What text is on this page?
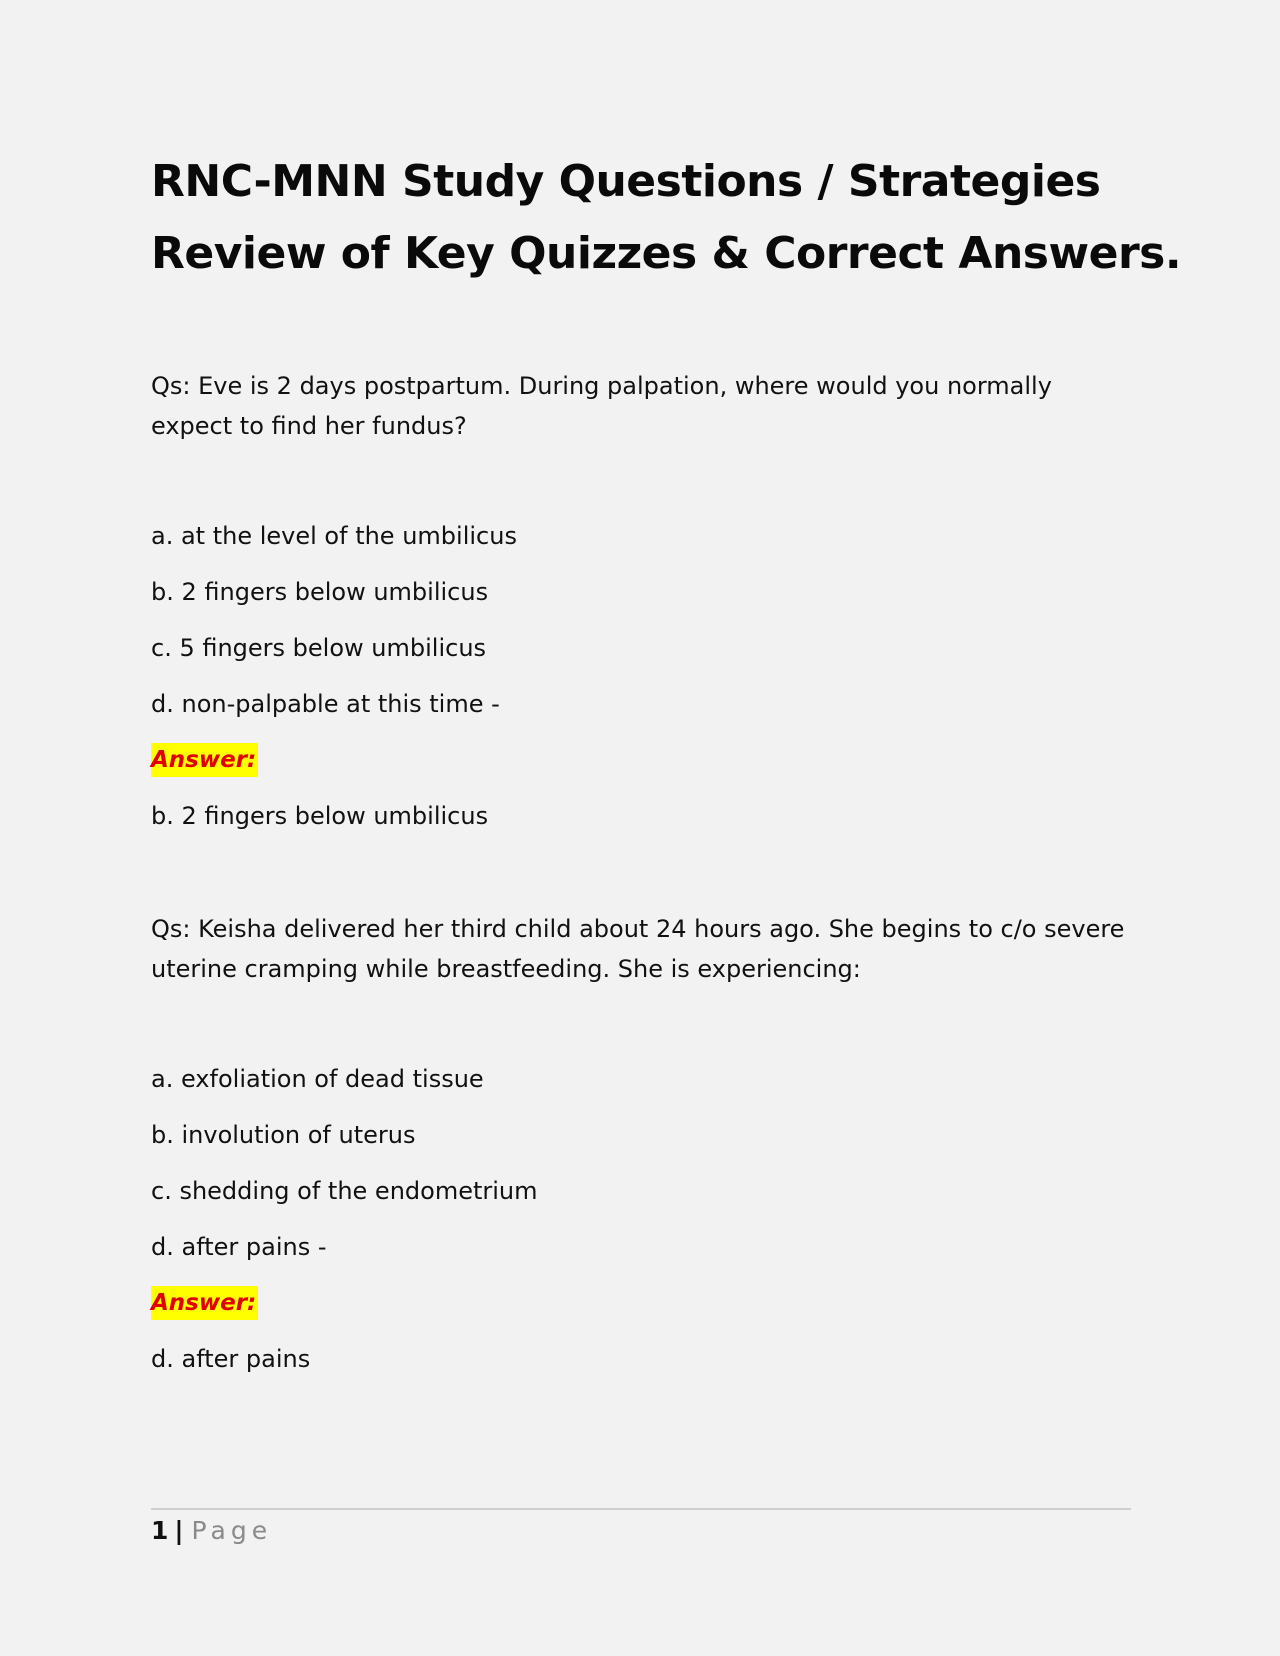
RNC-MNN Study Questions / Strategies
Review of Key Quizzes & Correct Answers.

Qs: Eve is 2 days postpartum. During palpation, where would you normally expect to find her fundus?

a. at the level of the umbilicus
b. 2 fingers below umbilicus
c. 5 fingers below umbilicus
d. non-palpable at this time -
Answer:
b. 2 fingers below umbilicus

Qs: Keisha delivered her third child about 24 hours ago. She begins to c/o severe uterine cramping while breastfeeding. She is experiencing:

a. exfoliation of dead tissue
b. involution of uterus
c. shedding of the endometrium
d. after pains -
Answer:
d. after pains
1 | Page
